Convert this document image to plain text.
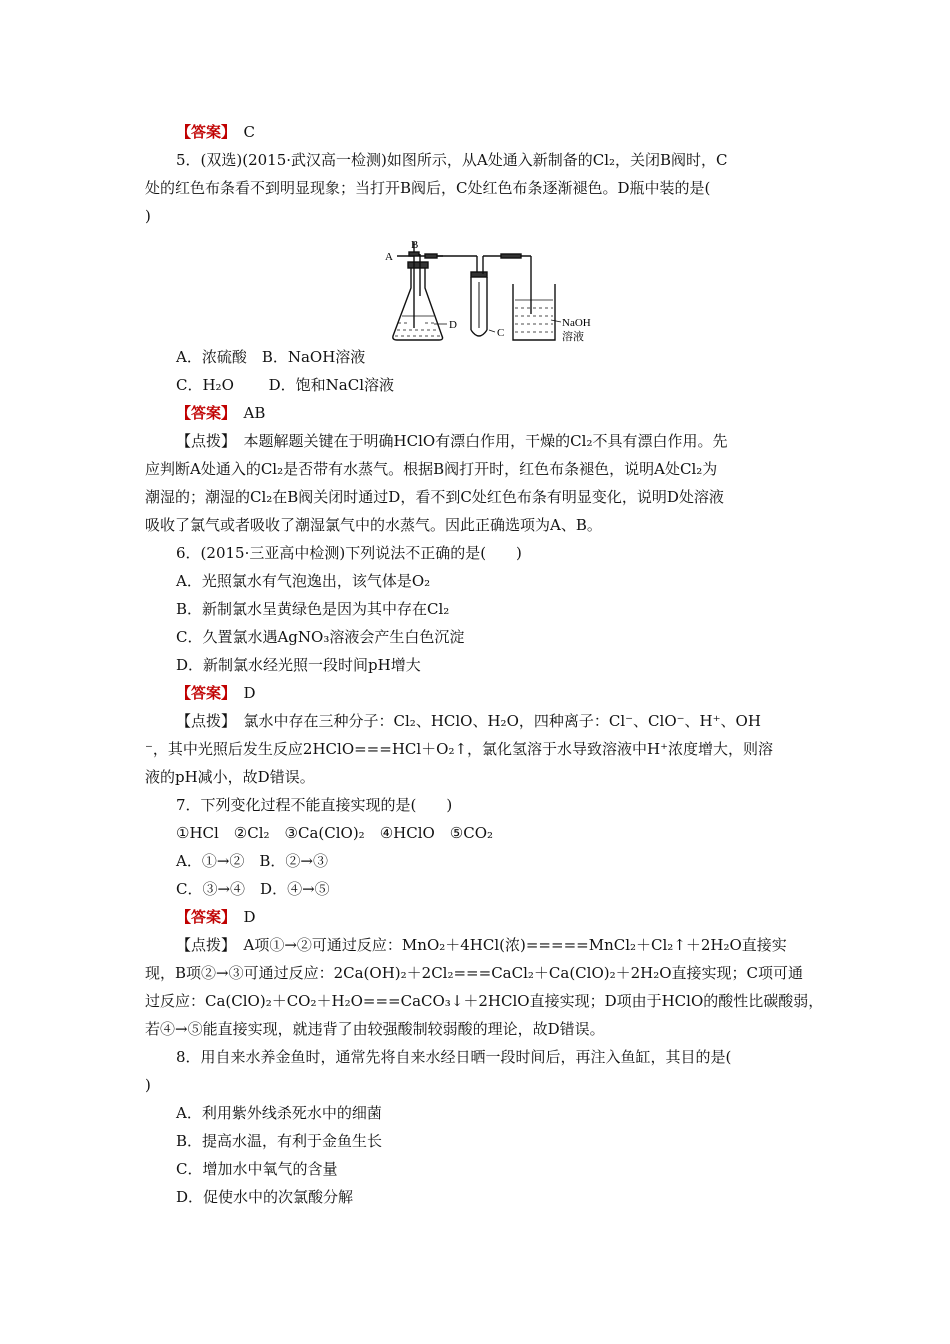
【答案】　 C
5．(双选)(2015·武汉高一检测)如图所示，从A处通入新制备的Cl₂，关闭B阀时，C
处的红色布条看不到明显现象；当打开B阀后，C处红色布条逐渐褪色。D瓶中装的是(
)
A
B
C
D	NaOH
溶液
A．浓硫酸　B．NaOH溶液
C．H₂O　　 D．饱和NaCl溶液
【答案】　 AB
【点拨】　 本题解题关键在于明确HClO有漂白作用，干燥的Cl₂不具有漂白作用。先
应判断A处通入的Cl₂是否带有水蒸气。根据B阀打开时，红色布条褪色，说明A处Cl₂为
潮湿的；潮湿的Cl₂在B阀关闭时通过D，看不到C处红色布条有明显变化，说明D处溶液
吸收了氯气或者吸收了潮湿氯气中的水蒸气。因此正确选项为A、B。
6．(2015·三亚高中检测)下列说法不正确的是(　　)
A．光照氯水有气泡逸出，该气体是O₂
B．新制氯水呈黄绿色是因为其中存在Cl₂
C．久置氯水遇AgNO₃溶液会产生白色沉淀
D．新制氯水经光照一段时间pH增大
【答案】　 D
【点拨】　 氯水中存在三种分子：Cl₂、HClO、H₂O，四种离子：Cl⁻、ClO⁻、H⁺、OH
⁻，其中光照后发生反应2HClO===HCl＋O₂↑，氯化氢溶于水导致溶液中H⁺浓度增大，则溶
液的pH减小，故D错误。
7．下列变化过程不能直接实现的是(　　)
①HCl　②Cl₂　③Ca(ClO)₂　④HClO　⑤CO₂
A．①→②　B．②→③
C．③→④　D．④→⑤
【答案】　 D
【点拨】　 A项①→②可通过反应：MnO₂＋4HCl(浓)=====MnCl₂＋Cl₂↑＋2H₂O直接实
现，B项②→③可通过反应：2Ca(OH)₂＋2Cl₂===CaCl₂＋Ca(ClO)₂＋2H₂O直接实现；C项可通
过反应：Ca(ClO)₂＋CO₂＋H₂O===CaCO₃↓＋2HClO直接实现；D项由于HClO的酸性比碳酸弱，
若④→⑤能直接实现，就违背了由较强酸制较弱酸的理论，故D错误。
8．用自来水养金鱼时，通常先将自来水经日晒一段时间后，再注入鱼缸，其目的是(
)
A．利用紫外线杀死水中的细菌
B．提高水温，有利于金鱼生长
C．增加水中氧气的含量
D．促使水中的次氯酸分解
